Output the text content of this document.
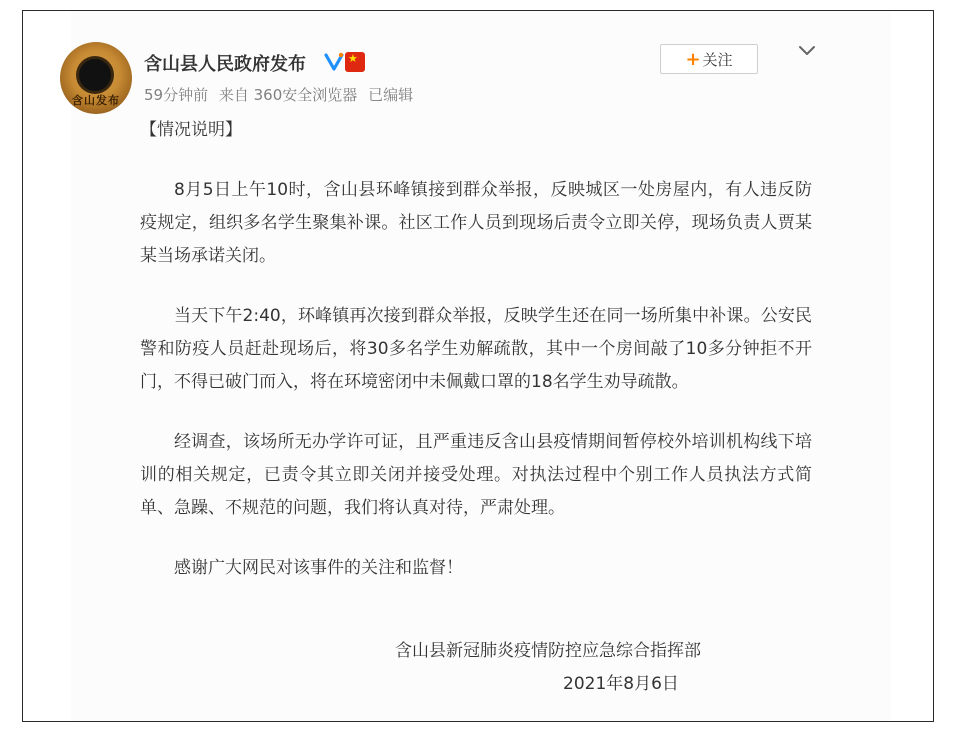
含山发布
含山县人民政府发布	★
59分钟前 来自 360安全浏览器 已编辑
+ 关注

【情况说明】

8月5日上午10时，含山县环峰镇接到群众举报，反映城区一处房屋内，有人违反防疫规定，组织多名学生聚集补课。社区工作人员到现场后责令立即关停，现场负责人贾某某当场承诺关闭。

当天下午2:40，环峰镇再次接到群众举报，反映学生还在同一场所集中补课。公安民警和防疫人员赶赴现场后，将30多名学生劝解疏散，其中一个房间敲了10多分钟拒不开门，不得已破门而入，将在环境密闭中未佩戴口罩的18名学生劝导疏散。

经调查，该场所无办学许可证，且严重违反含山县疫情期间暂停校外培训机构线下培训的相关规定，已责令其立即关闭并接受处理。对执法过程中个别工作人员执法方式简单、急躁、不规范的问题，我们将认真对待，严肃处理。

感谢广大网民对该事件的关注和监督！

含山县新冠肺炎疫情防控应急综合指挥部
2021年8月6日
